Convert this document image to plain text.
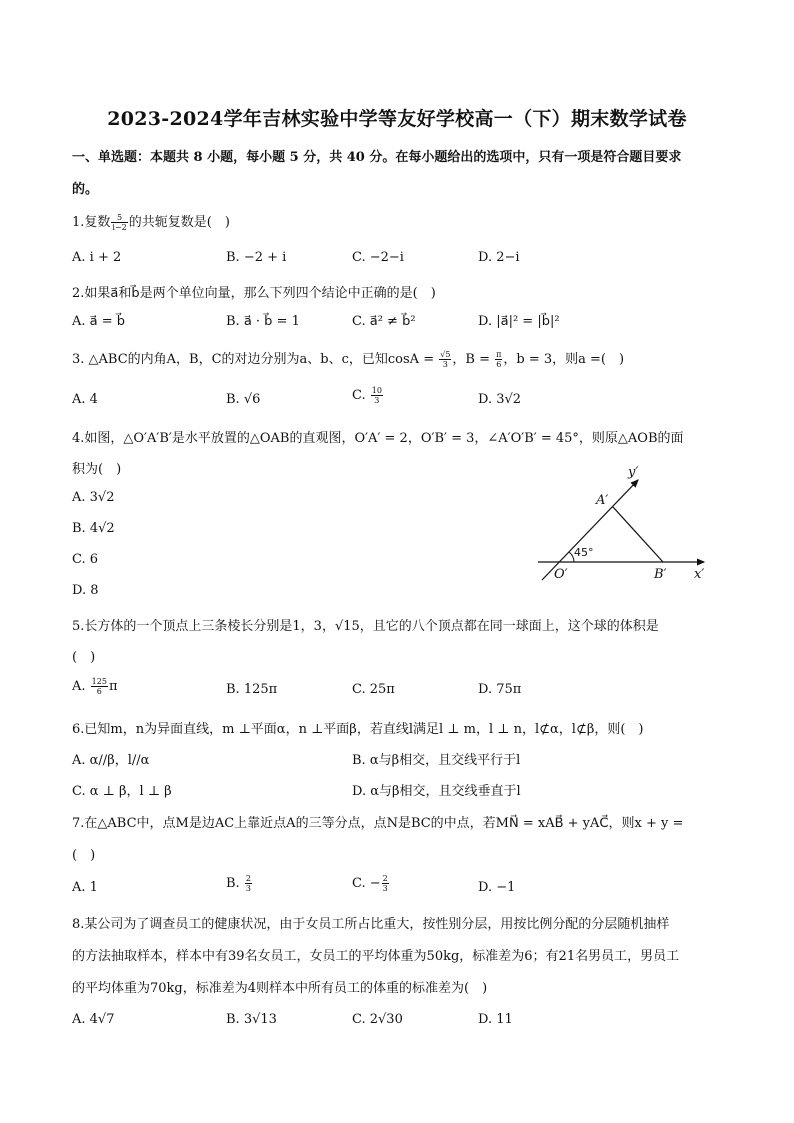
2023-2024学年吉林实验中学等友好学校高一（下）期末数学试卷
一、单选题：本题共 8 小题，每小题 5 分，共 40 分。在每小题给出的选项中，只有一项是符合题目要求
的。
1.复数 $\frac{5}{i-2}$ 的共轭复数是(　)
A. i + 2	B. −2 + i	C. −2−i	D. 2−i
2.如果a⃗和b⃗是两个单位向量，那么下列四个结论中正确的是(　)
A. a⃗ = b⃗	B. a⃗ · b⃗ = 1	C. a⃗² ≠ b⃗²	D. |a⃗|² = |b⃗|²
3. △ABC的内角A，B，C的对边分别为a、b、c，已知$\cos A = \frac{√5}{3}$ ，$B = \frac{\pi}{6}$ ，b = 3，则a =(　)
A. 4	B. √6	C. $\frac{10}{3}$	D. 3√2
4.如图，△O′A′B′是水平放置的△OAB的直观图，O′A′ = 2，O′B′ = 3，∠A′O′B′ = 45°，则原△AOB的面
积为(　)
A. 3√2
B. 4√2
C. 6
D. 8
y′
A′
45°
O′	B′ x′
5.长方体的一个顶点上三条棱长分别是1，3，√15，且它的八个顶点都在同一球面上，这个球的体积是
(　)
A. $\frac{125}{6}$ π	B. 125π	C. 25π	D. 75π
6.已知m，n为异面直线，m ⊥平面α，n ⊥平面β，若直线l满足l ⊥ m，l ⊥ n，l⊄α，l⊄β，则(　)
A. α//β，l//α	B. α与β相交，且交线平行于l
C. α ⊥ β，l ⊥ β	D. α与β相交，且交线垂直于l
7.在△ABC中，点M是边AC上靠近点A的三等分点，点N是BC的中点，若MN⃗ = xAB⃗ + yAC⃗，则x + y =
(　)
A. 1	B. $\frac{2}{3}$	C. − $\frac{2}{3}$	D. −1
8.某公司为了调查员工的健康状况，由于女员工所占比重大，按性别分层，用按比例分配的分层随机抽样
的方法抽取样本，样本中有39名女员工，女员工的平均体重为50kg，标准差为6；有21名男员工，男员工
的平均体重为70kg，标准差为4则样本中所有员工的体重的标准差为(　)
A. 4√7	B. 3√13	C. 2√30	D. 11
